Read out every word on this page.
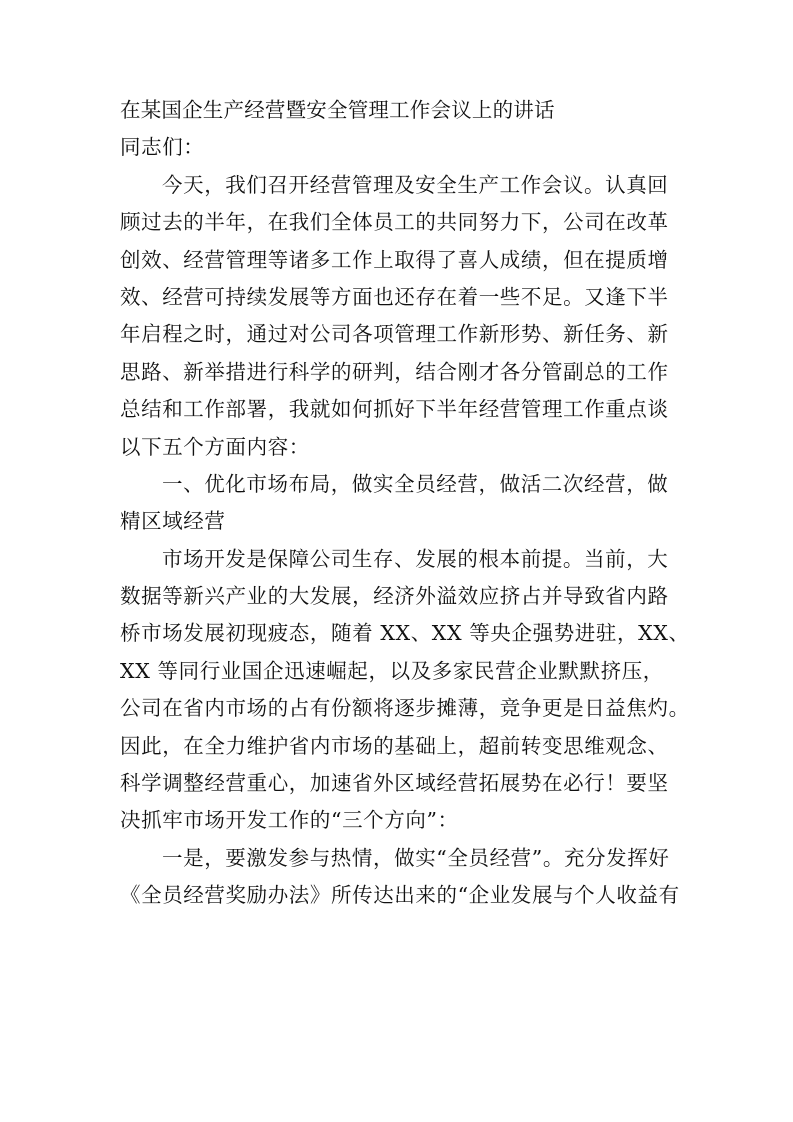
在某国企生产经营暨安全管理工作会议上的讲话
同志们：
今天，我们召开经营管理及安全生产工作会议。认真回
顾过去的半年，在我们全体员工的共同努力下，公司在改革
创效、经营管理等诸多工作上取得了喜人成绩，但在提质增
效、经营可持续发展等方面也还存在着一些不足。又逢下半
年启程之时，通过对公司各项管理工作新形势、新任务、新
思路、新举措进行科学的研判，结合刚才各分管副总的工作
总结和工作部署，我就如何抓好下半年经营管理工作重点谈
以下五个方面内容：
一、优化市场布局，做实全员经营，做活二次经营，做
精区域经营
市场开发是保障公司生存、发展的根本前提。当前，大
数据等新兴产业的大发展，经济外溢效应挤占并导致省内路
桥市场发展初现疲态，随着 XX、XX 等央企强势进驻，XX、
XX 等同行业国企迅速崛起，以及多家民营企业默默挤压，
公司在省内市场的占有份额将逐步摊薄，竞争更是日益焦灼。
因此，在全力维护省内市场的基础上，超前转变思维观念、
科学调整经营重心，加速省外区域经营拓展势在必行！要坚
决抓牢市场开发工作的“三个方向”：
一是，要激发参与热情，做实“全员经营”。充分发挥好
《全员经营奖励办法》所传达出来的“企业发展与个人收益有
